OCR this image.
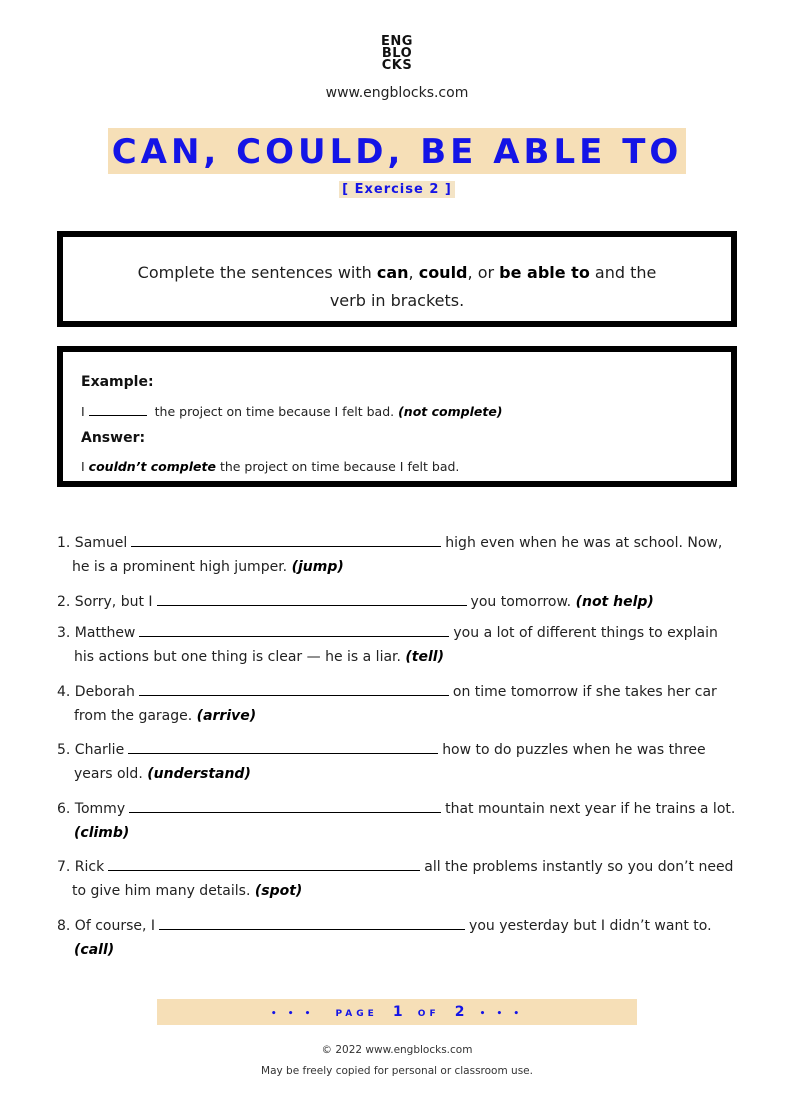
ENG
BLO
CKS
www.engblocks.com
CAN, COULD, BE ABLE TO
[ Exercise 2 ]

Complete the sentences with can, could, or be able to and the verb in brackets.

Example:
I	the project on time because I felt bad. (not complete)
Answer:
I couldn’t complete the project on time because I felt bad.
1. Samuel	high even when he was at school. Now,
he is a prominent high jumper. (jump)
2. Sorry, but I	you tomorrow. (not help)
3. Matthew	you a lot of different things to explain
his actions but one thing is clear — he is a liar. (tell)
4. Deborah	on time tomorrow if she takes her car
from the garage. (arrive)
5. Charlie	how to do puzzles when he was three
years old. (understand)
6. Tommy	that mountain next year if he trains a lot.
(climb)
7. Rick	all the problems instantly so you don’t need
to give him many details. (spot)
8. Of course, I	you yesterday but I didn’t want to.
(call)
• • • PAGE 1 OF 2 • • •
© 2022 www.engblocks.com
May be freely copied for personal or classroom use.
